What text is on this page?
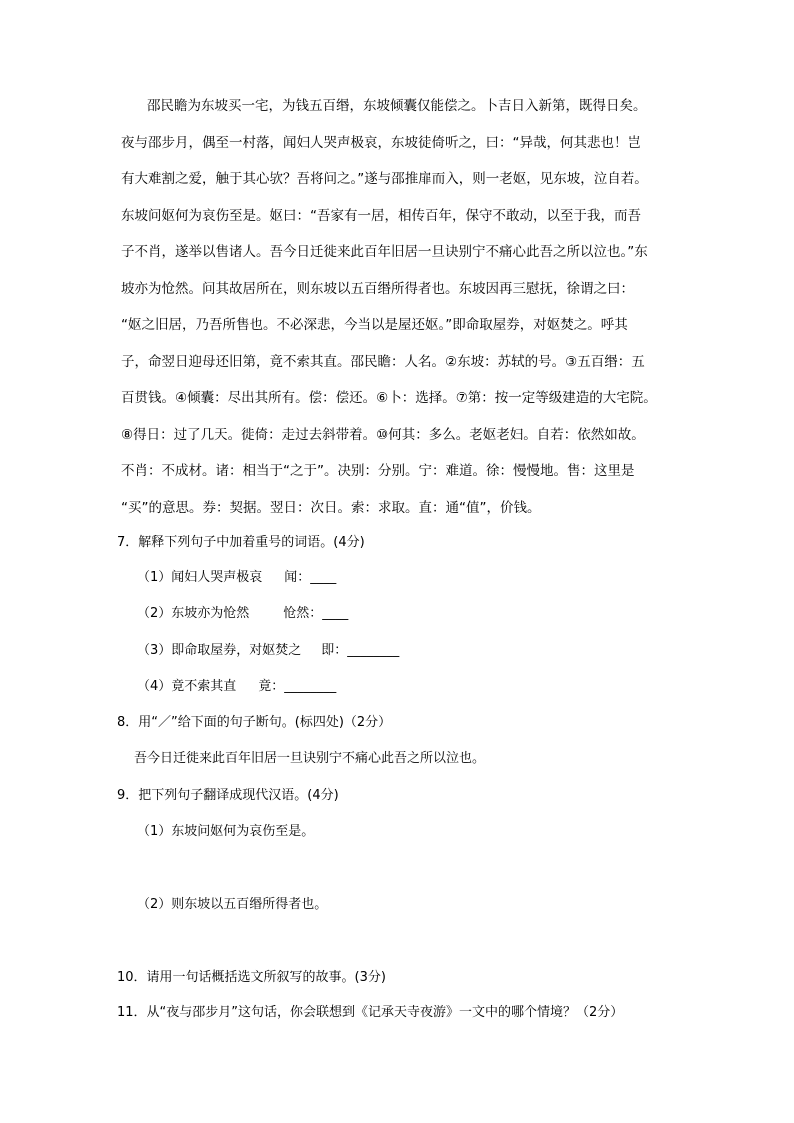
邵民瞻为东坡买一宅，为钱五百缗，东坡倾囊仅能偿之。卜吉日入新第，既得日矣。
夜与邵步月，偶至一村落，闻妇人哭声极哀，东坡徒倚听之，曰：“异哉，何其悲也！岂
有大难割之爱，触于其心欤？吾将问之。”遂与邵推扉而入，则一老妪，见东坡，泣自若。
东坡问妪何为哀伤至是。妪曰：“吾家有一居，相传百年，保守不敢动，以至于我，而吾
子不肖，遂举以售诸人。吾今日迁徙来此百年旧居一旦诀别宁不痛心此吾之所以泣也。”东
坡亦为怆然。问其故居所在，则东坡以五百缗所得者也。东坡因再三慰抚，徐谓之曰：
“妪之旧居，乃吾所售也。不必深悲，今当以是屋还妪。”即命取屋券，对妪焚之。呼其
子，命翌日迎母还旧第，竟不索其直。邵民瞻：人名。②东坡：苏轼的号。③五百缗：五
百贯钱。④倾囊：尽出其所有。偿：偿还。⑥卜：选择。⑦第：按一定等级建造的大宅院。
⑧得日：过了几天。徙倚：走过去斜带着。⑩何其：多么。老妪老妇。自若：依然如故。
不肖：不成材。诸：相当于“之于”。决别：分别。宁：难道。徐：慢慢地。售：这里是
“买”的意思。券：契据。翌日：次日。索：求取。直：通“值”，价钱。
7．解释下列句子中加着重号的词语。(4分)
（1）闻妇人哭声极哀 闻：____
（2）东坡亦为怆然	怆然：____
（3）即命取屋券，对妪焚之 即：________
（4）竟不索其直 竟：________
8．用“／”给下面的句子断句。(标四处)（2分）
吾今日迁徙来此百年旧居一旦诀别宁不痛心此吾之所以泣也。
9．把下列句子翻译成现代汉语。(4分)
（1）东坡问妪何为哀伤至是。
（2）则东坡以五百缗所得者也。
10．请用一句话概括选文所叙写的故事。(3分)
11．从“夜与邵步月”这句话，你会联想到《记承天寺夜游》一文中的哪个情境？（2分）
